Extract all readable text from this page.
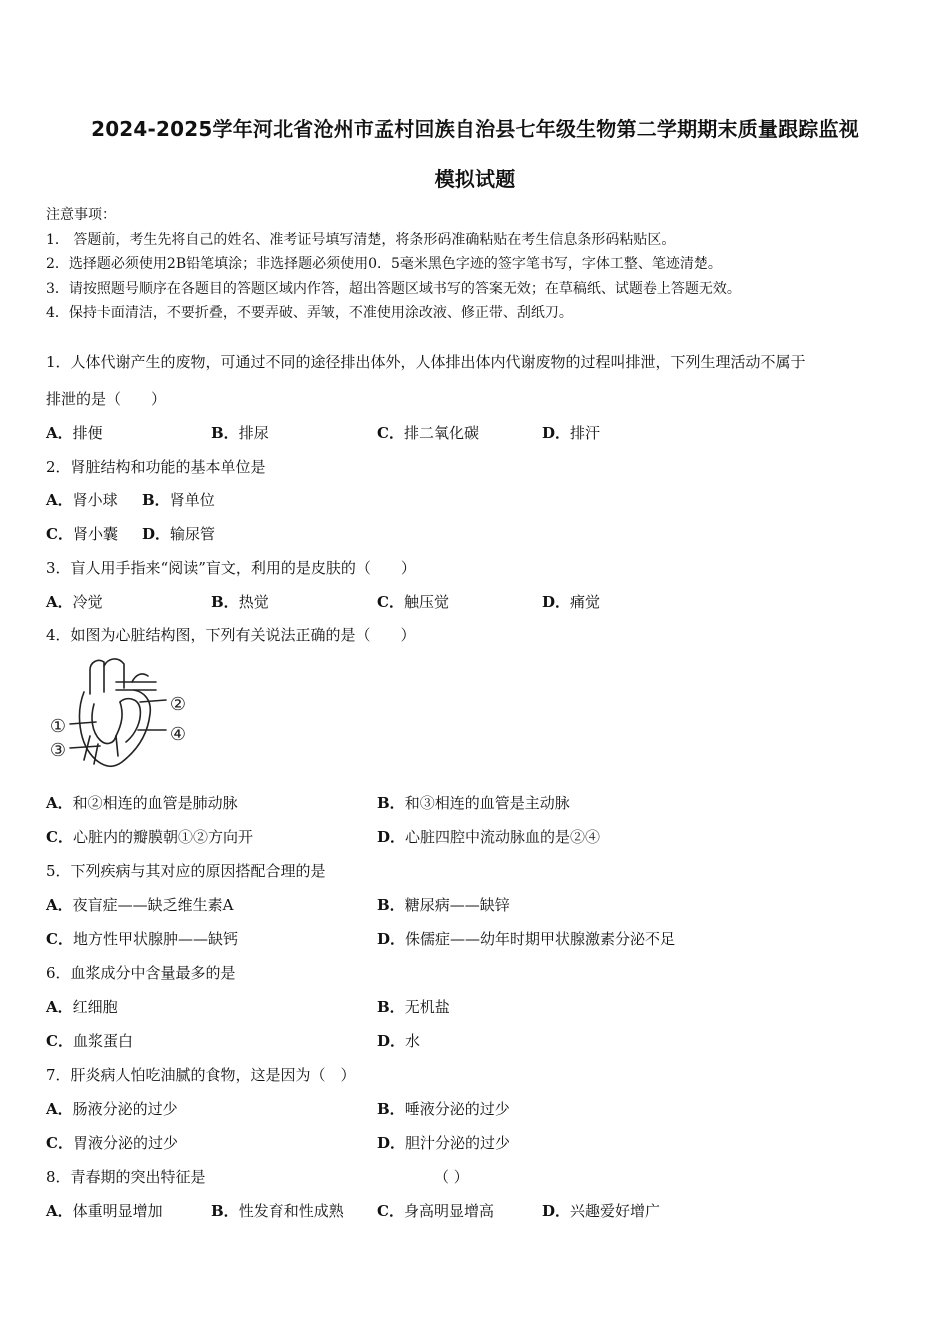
2024-2025学年河北省沧州市孟村回族自治县七年级生物第二学期期末质量跟踪监视
模拟试题
注意事项：
1． 答题前，考生先将自己的姓名、准考证号填写清楚，将条形码准确粘贴在考生信息条形码粘贴区。
2．选择题必须使用2B铅笔填涂；非选择题必须使用0．5毫米黑色字迹的签字笔书写，字体工整、笔迹清楚。
3．请按照题号顺序在各题目的答题区域内作答，超出答题区域书写的答案无效；在草稿纸、试题卷上答题无效。
4．保持卡面清洁，不要折叠，不要弄破、弄皱，不准使用涂改液、修正带、刮纸刀。
1．人体代谢产生的废物，可通过不同的途径排出体外，人体排出体内代谢废物的过程叫排泄，下列生理活动不属于
排泄的是（　　）
A．排便	B．排尿	C．排二氧化碳	D．排汗
2．肾脏结构和功能的基本单位是
A．肾小球 B．肾单位
C．肾小囊 D．输尿管
3．盲人用手指来“阅读”盲文，利用的是皮肤的（　　）
A．冷觉	B．热觉	C．触压觉	D．痛觉
4．如图为心脏结构图，下列有关说法正确的是（　　）
①
②
③
④
A．和②相连的血管是肺动脉	B．和③相连的血管是主动脉
C．心脏内的瓣膜朝①②方向开	D．心脏四腔中流动脉血的是②④
5．下列疾病与其对应的原因搭配合理的是
A．夜盲症——缺乏维生素A	B．糖尿病——缺锌
C．地方性甲状腺肿——缺钙	D．侏儒症——幼年时期甲状腺激素分泌不足
6．血浆成分中含量最多的是
A．红细胞	B．无机盐
C．血浆蛋白	D．水
7．肝炎病人怕吃油腻的食物，这是因为（　）
A．肠液分泌的过少	B．唾液分泌的过少
C．胃液分泌的过少	D．胆汁分泌的过少
8．青春期的突出特征是	（ ）
A．体重明显增加	B．性发育和性成熟 C．身高明显增高	D．兴趣爱好增广
